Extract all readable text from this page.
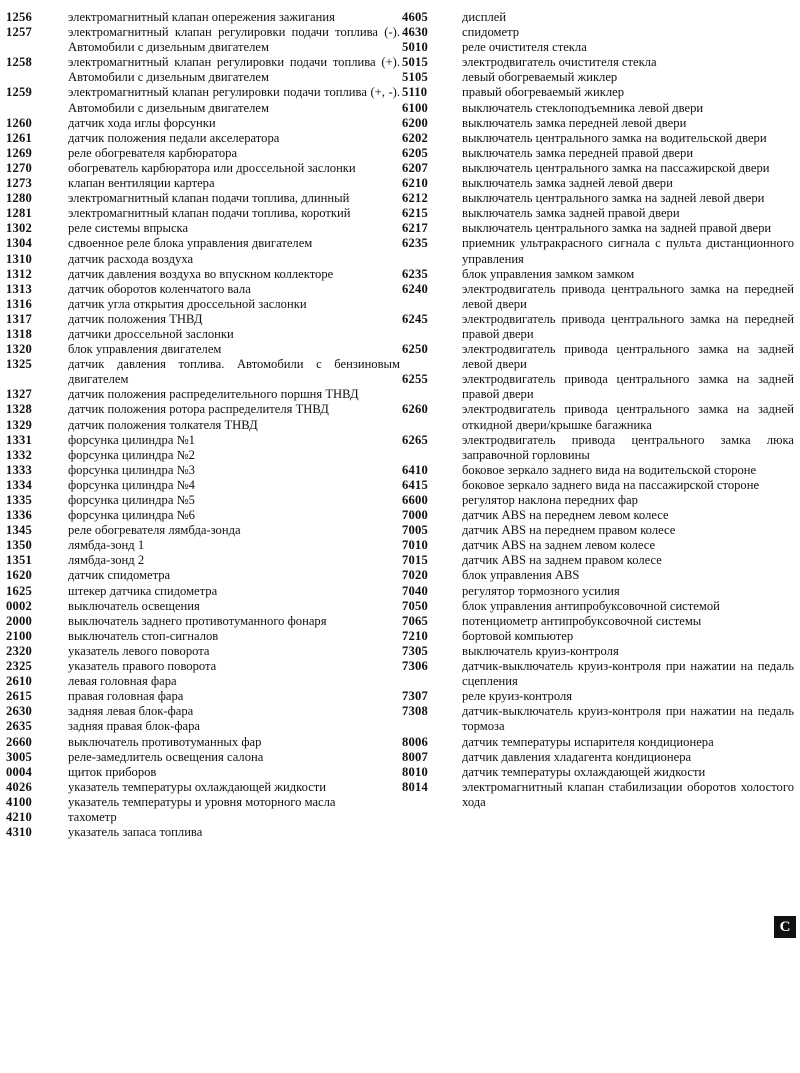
1256	электромагнитный клапан опережения зажигания
1257	электромагнитный клапан регулировки подачи топлива (-). Автомобили с дизельным двигателем
1258	электромагнитный клапан регулировки подачи топлива (+). Автомобили с дизельным двигателем
1259	электромагнитный клапан регулировки подачи топлива (+, -). Автомобили с дизельным двигателем
1260	датчик хода иглы форсунки
1261	датчик положения педали акселератора
1269	реле обогревателя карбюратора
1270	обогреватель карбюратора или дроссельной заслонки
1273	клапан вентиляции картера
1280	электромагнитный клапан подачи топлива, длинный
1281	электромагнитный клапан подачи топлива, короткий
1302	реле системы впрыска
1304	сдвоенное реле блока управления двигателем
1310	датчик расхода воздуха
1312	датчик давления воздуха во впускном коллекторе
1313	датчик оборотов коленчатого вала
1316	датчик угла открытия дроссельной заслонки
1317	датчик положения ТНВД
1318	датчики дроссельной заслонки
1320	блок управления двигателем
1325	датчик давления топлива. Автомобили с бензиновым двигателем
1327	датчик положения распределительного поршня ТНВД
1328	датчик положения ротора распределителя ТНВД
1329	датчик положения толкателя ТНВД
1331	форсунка цилиндра №1
1332	форсунка цилиндра №2
1333	форсунка цилиндра №3
1334	форсунка цилиндра №4
1335	форсунка цилиндра №5
1336	форсунка цилиндра №6
1345	реле обогревателя лямбда-зонда
1350	лямбда-зонд 1
1351	лямбда-зонд 2
1620	датчик спидометра
1625	штекер датчика спидометра
0002	выключатель освещения
2000	выключатель заднего противотуманного фонаря
2100	выключатель стоп-сигналов
2320	указатель левого поворота
2325	указатель правого поворота
2610	левая головная фара
2615	правая головная фара
2630	задняя левая блок-фара
2635	задняя правая блок-фара
2660	выключатель противотуманных фар
3005	реле-замедлитель освещения салона
0004	щиток приборов
4026	указатель температуры охлаждающей жидкости
4100	указатель температуры и уровня моторного масла
4210	тахометр
4310	указатель запаса топлива
4605	дисплей
4630	спидометр
5010	реле очистителя стекла
5015	электродвигатель очистителя стекла
5105	левый обогреваемый жиклер
5110	правый обогреваемый жиклер
6100	выключатель стеклоподъемника левой двери
6200	выключатель замка передней левой двери
6202	выключатель центрального замка на водительской двери
6205	выключатель замка передней правой двери
6207	выключатель центрального замка на пассажирской двери
6210	выключатель замка задней левой двери
6212	выключатель центрального замка на задней левой двери
6215	выключатель замка задней правой двери
6217	выключатель центрального замка на задней правой двери
6235	приемник ультракрасного сигнала с пульта дистанционного управления
6235	блок управления замком замком
6240	электродвигатель привода центрального замка на передней левой двери
6245	электродвигатель привода центрального замка на передней правой двери
6250	электродвигатель привода центрального замка на задней левой двери
6255	электродвигатель привода центрального замка на задней правой двери
6260	электродвигатель привода центрального замка на задней откидной двери/крышке багажника
6265	электродвигатель привода центрального замка люка заправочной горловины
6410	боковое зеркало заднего вида на водительской стороне
6415	боковое зеркало заднего вида на пассажирской стороне
6600	регулятор наклона передних фар
7000	датчик ABS на переднем левом колесе
7005	датчик ABS на переднем правом колесе
7010	датчик ABS на заднем левом колесе
7015	датчик ABS на заднем правом колесе
7020	блок управления ABS
7040	регулятор тормозного усилия
7050	блок управления антипробуксовочной системой
7065	потенциометр антипробуксовочной системы
7210	бортовой компьютер
7305	выключатель круиз-контроля
7306	датчик-выключатель круиз-контроля при нажатии на педаль сцепления
7307	реле круиз-контроля
7308	датчик-выключатель круиз-контроля при нажатии на педаль тормоза
8006	датчик температуры испарителя кондиционера
8007	датчик давления хладагента кондиционера
8010	датчик температуры охлаждающей жидкости
8014	электромагнитный клапан стабилизации оборотов холостого хода
C
